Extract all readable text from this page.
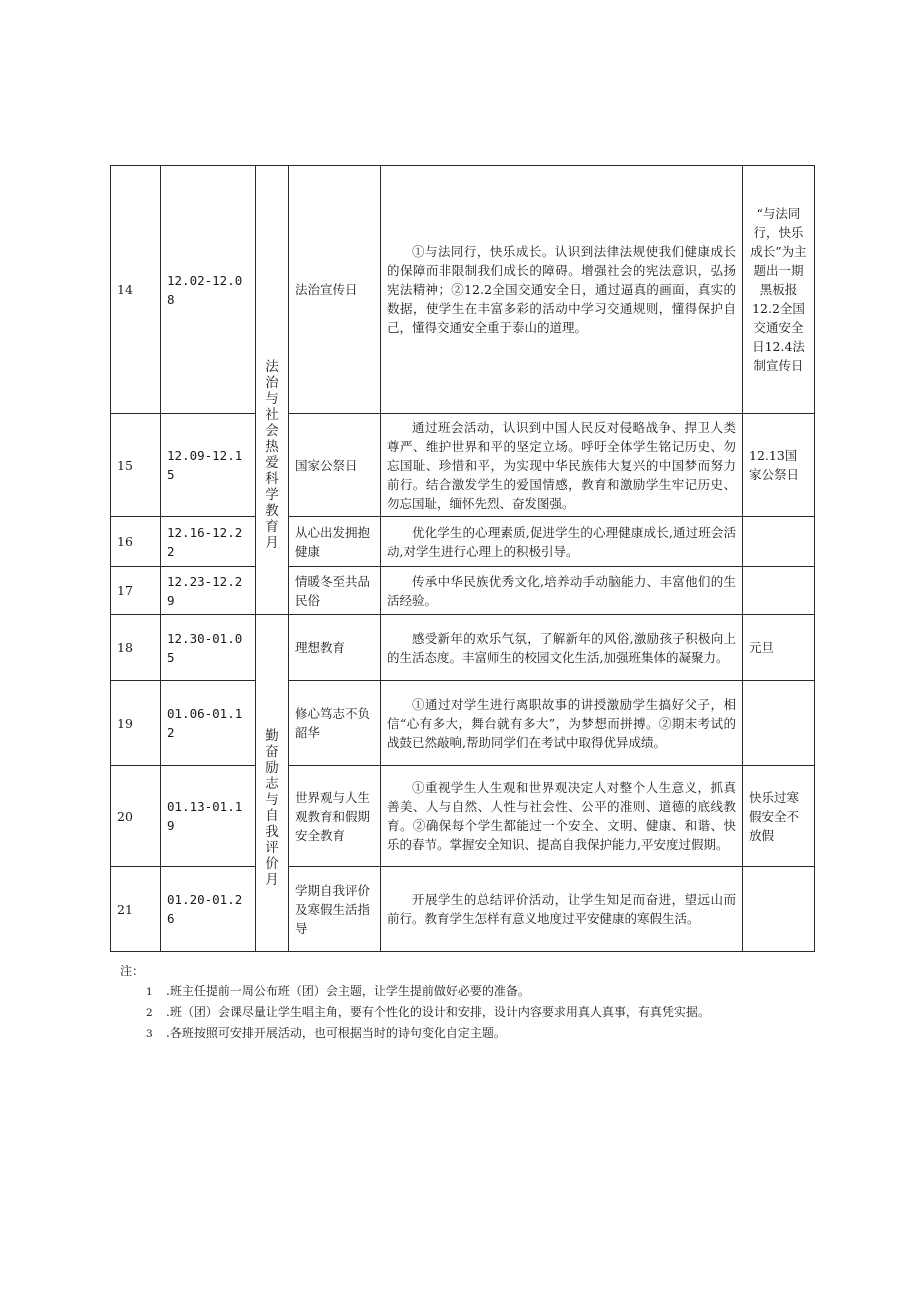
14	12.02-12.08	法治与社会热爱科学教育月	法治宣传日	①与法同行，快乐成长。认识到法律法规使我们健康成长的保障而非限制我们成长的障碍。增强社会的宪法意识，弘扬宪法精神；②12.2全国交通安全日，通过逼真的画面，真实的数据，使学生在丰富多彩的活动中学习交通规则，懂得保护自己，懂得交通安全重于泰山的道理。	“与法同行，快乐成长”为主题出一期黑板报12.2全国交通安全日12.4法制宣传日
15	12.09-12.15		国家公祭日	通过班会活动，认识到中国人民反对侵略战争、捍卫人类尊严、维护世界和平的坚定立场。呼吁全体学生铭记历史、勿忘国耻、珍惜和平，为实现中华民族伟大复兴的中国梦而努力前行。结合激发学生的爱国情感，教育和激励学生牢记历史、勿忘国耻，缅怀先烈、奋发图强。	12.13国家公祭日
16	12.16-12.22		从心出发拥抱健康	优化学生的心理素质,促进学生的心理健康成长,通过班会活动,对学生进行心理上的积极引导。	

17	12.23-12.29		情暖冬至共品民俗	传承中华民族优秀文化,培养动手动脑能力、丰富他们的生活经验。	

18	12.30-01.05	勤奋励志与自我评价月	理想教育	感受新年的欢乐气氛，了解新年的风俗,激励孩子积极向上的生活态度。丰富师生的校园文化生活,加强班集体的凝聚力。	元旦
19	01.06-01.12		修心笃志不负韶华	①通过对学生进行离职故事的讲授激励学生搞好父子，相信“心有多大，舞台就有多大”，为梦想而拼搏。②期末考试的战鼓已然敲响,帮助同学们在考试中取得优异成绩。	

20	01.13-01.19		世界观与人生观教育和假期安全教育	①重视学生人生观和世界观决定人对整个人生意义，抓真善美、人与自然、人性与社会性、公平的准则、道德的底线教育。②确保每个学生都能过一个安全、文明、健康、和谐、快乐的春节。掌握安全知识、提高自我保护能力,平安度过假期。	快乐过寒假安全不放假
21	01.20-01.26		学期自我评价及寒假生活指导	开展学生的总结评价活动，让学生知足而奋进，望远山而前行。教育学生怎样有意义地度过平安健康的寒假生活。	

注：
1 .班主任提前一周公布班（团）会主题，让学生提前做好必要的准备。
2 .班（团）会课尽量让学生唱主角，要有个性化的设计和安排，设计内容要求用真人真事，有真凭实据。
3 .各班按照可安排开展活动，也可根据当时的诗句变化自定主题。
